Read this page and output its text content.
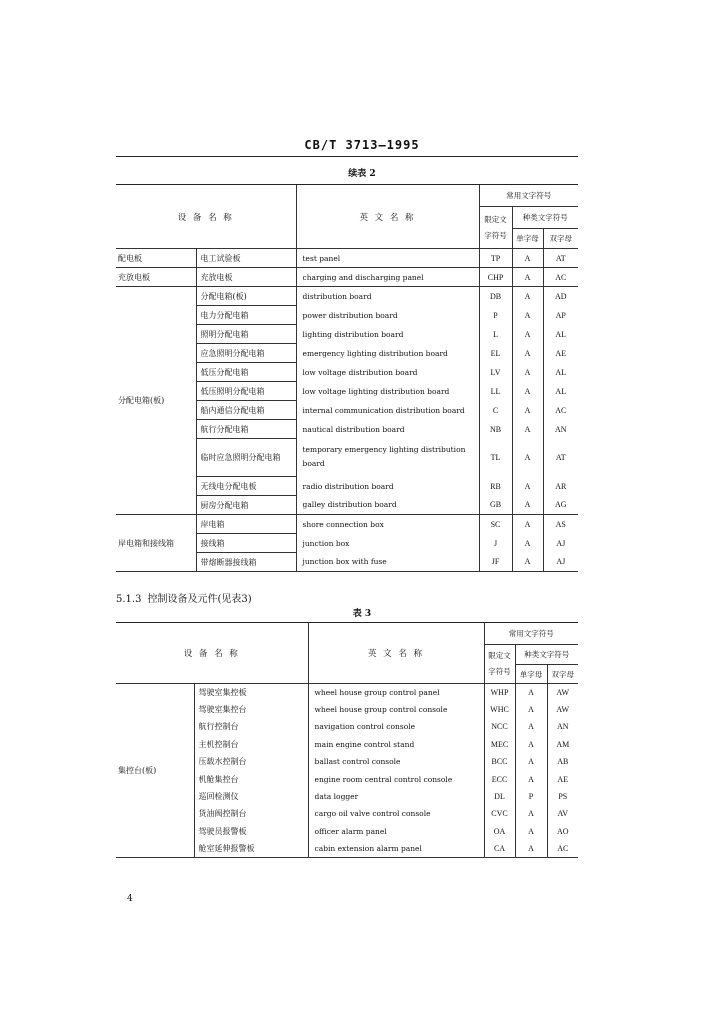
CB/T 3713—1995
续表 2
设 备 名 称		英 文 名 称	常用文字符号		
			限定文字符号	种类文字符号	
				单字母	双字母
配电板	电工试验板	test panel	TP	A	AT
充放电板	充放电板	charging and discharging panel	CHP	A	AC
分配电箱(板)	分配电箱(板)	distribution board	DB	A	AD
	电力分配电箱	power distribution board	P	A	AP
	照明分配电箱	lighting distribution board	L	A	AL
	应急照明分配电箱	emergency lighting distribution board	EL	A	AE
	低压分配电箱	low voltage distribution board	LV	A	AL
	低压照明分配电箱	low voltage lighting distribution board	LL	A	AL
	船内通信分配电箱	internal communication distribution board	C	A	AC
	航行分配电箱	nautical distribution board	NB	A	AN
	临时应急照明分配电箱	temporary emergency lighting distribution board	TL	A	AT
	无线电分配电板	radio distribution board	RB	A	AR
	厨房分配电箱	galley distribution board	GB	A	AG
岸电箱和接线箱	岸电箱	shore connection box	SC	A	AS
	接线箱	junction box	J	A	AJ
	带熔断器接线箱	junction box with fuse	JF	A	AJ
5.1.3 控制设备及元件(见表3)
表 3
设 备 名 称		英 文 名 称	常用文字符号		
			限定文字符号	种类文字符号	
				单字母	双字母
集控台(板)	驾驶室集控板	wheel house group control panel	WHP	A	AW
	驾驶室集控台	wheel house group control console	WHC	A	AW
	航行控制台	navigation control console	NCC	A	AN
	主机控制台	main engine control stand	MEC	A	AM
	压载水控制台	ballast control console	BCC	A	AB
	机舱集控台	engine room central control console	ECC	A	AE
	巡回检测仪	data logger	DL	P	PS
	货油阀控制台	cargo oil valve control console	CVC	A	AV
	驾驶员报警板	officer alarm panel	OA	A	AO
	舱室延伸报警板	cabin extension alarm panel	CA	A	AC
4
